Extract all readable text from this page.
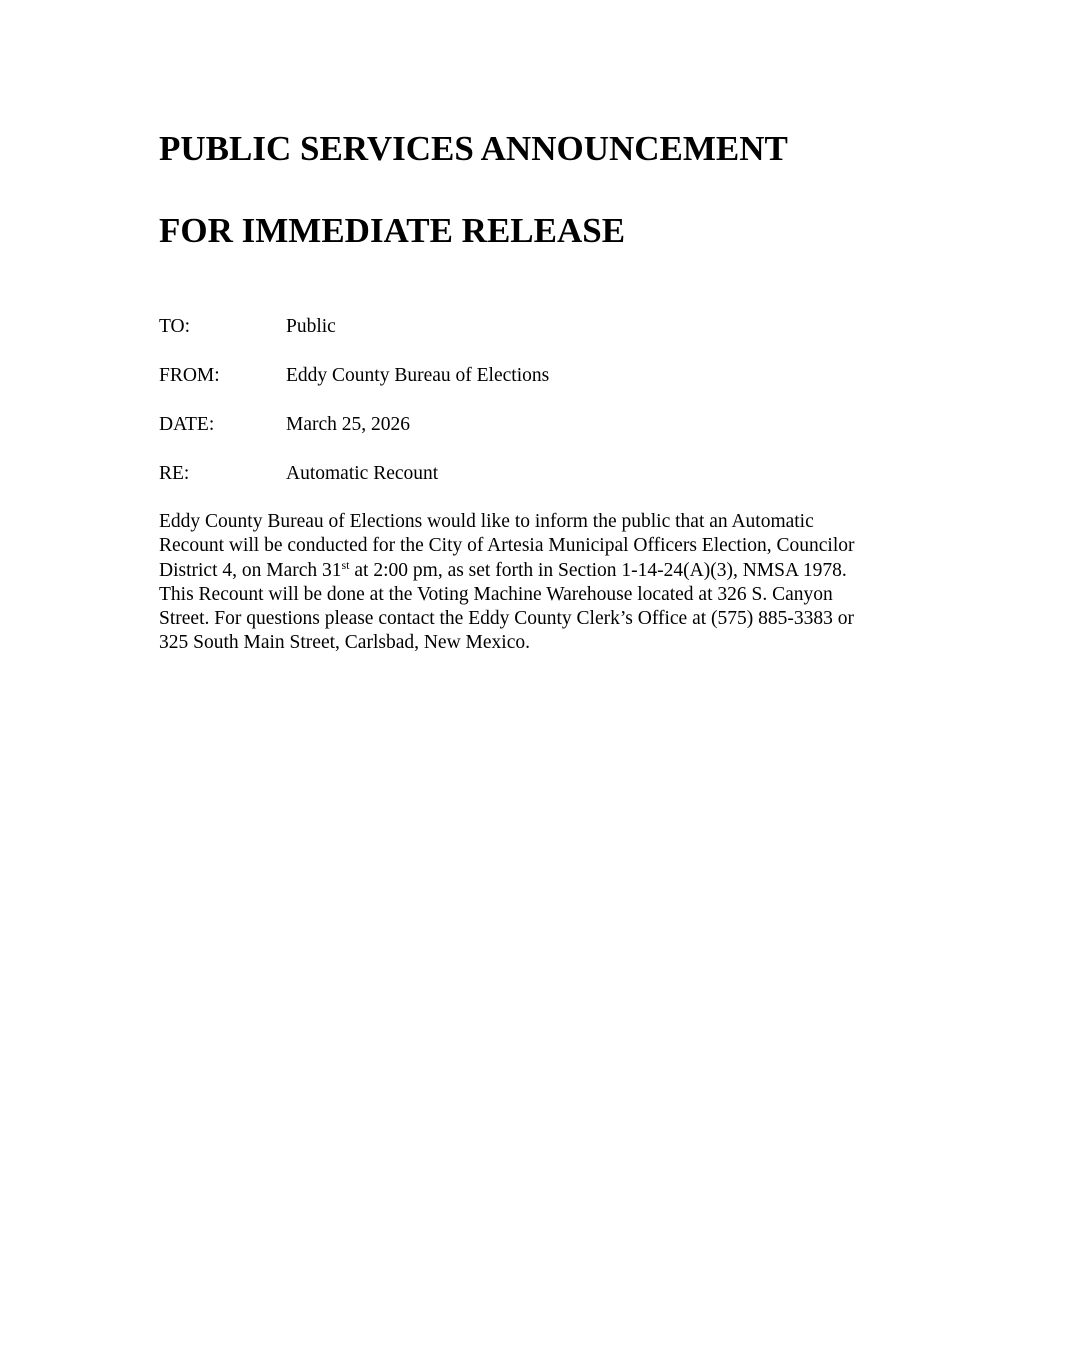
PUBLIC SERVICES ANNOUNCEMENT
FOR IMMEDIATE RELEASE
TO:	Public
FROM:	Eddy County Bureau of Elections
DATE:	March 25, 2026
RE:	Automatic Recount

Eddy County Bureau of Elections would like to inform the public that an Automatic
Recount will be conducted for the City of Artesia Municipal Officers Election, Councilor
District 4, on March 31st at 2:00 pm, as set forth in Section 1-14-24(A)(3), NMSA 1978.
This Recount will be done at the Voting Machine Warehouse located at 326 S. Canyon
Street. For questions please contact the Eddy County Clerk’s Office at (575) 885-3383 or
325 South Main Street, Carlsbad, New Mexico.
